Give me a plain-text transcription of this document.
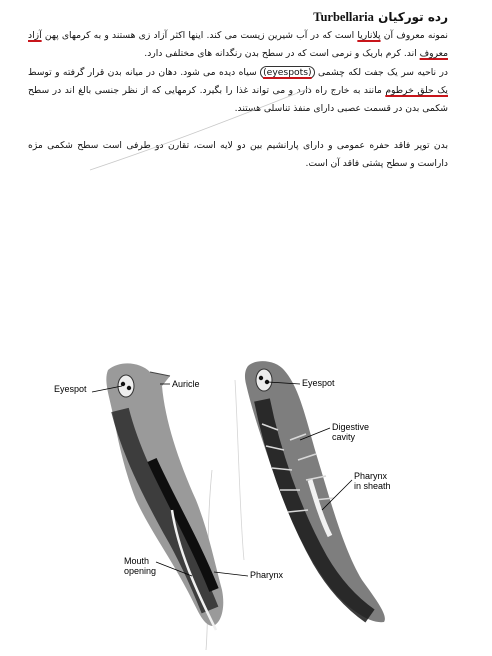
رده تورکیان Turbellaria

نمونه معروف آن پلاناریا است که در آب شیرین زیست می کند. اینها اکثر آزاد زی هستند و به کرمهای پهن آزاد معروف اند. کرم باریک و نرمی است که در سطح بدن رنگدانه های مختلفی دارد.

در ناحیه سر یک جفت لکه چشمی (eyespots) سیاه دیده می شود. دهان در میانه بدن قرار گرفته و توسط یک حلق خرطوم مانند به خارج راه دارد و می تواند غذا را بگیرد. کرمهایی که از نظر جنسی بالغ اند در سطح شکمی بدن در قسمت عصبی دارای منفذ تناسلی هستند.

بدن توپر فاقد حفره عمومی و دارای پارانشیم بین دو لایه است، تقارن دو طرفی است سطح شکمی مژه داراست و سطح پشتی فاقد آن است.

Eyespot	Auricle
Mouth
opening	Pharynx
Eyespot
Digestive
cavity
Pharynx
in sheath
